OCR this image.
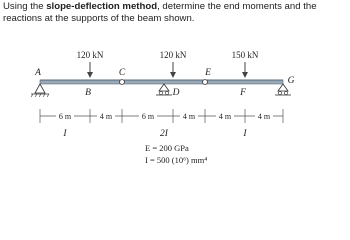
Using the slope-deflection method, determine the end moments and the reactions at the supports of the beam shown.
120 kN	120 kN	150 kN
A
B
C
D
E
F
G
6 m	4 m	6 m	4 m	4 m	4 m
I	2I	I
E = 200 GPa
I = 500 (10⁶) mm⁴
